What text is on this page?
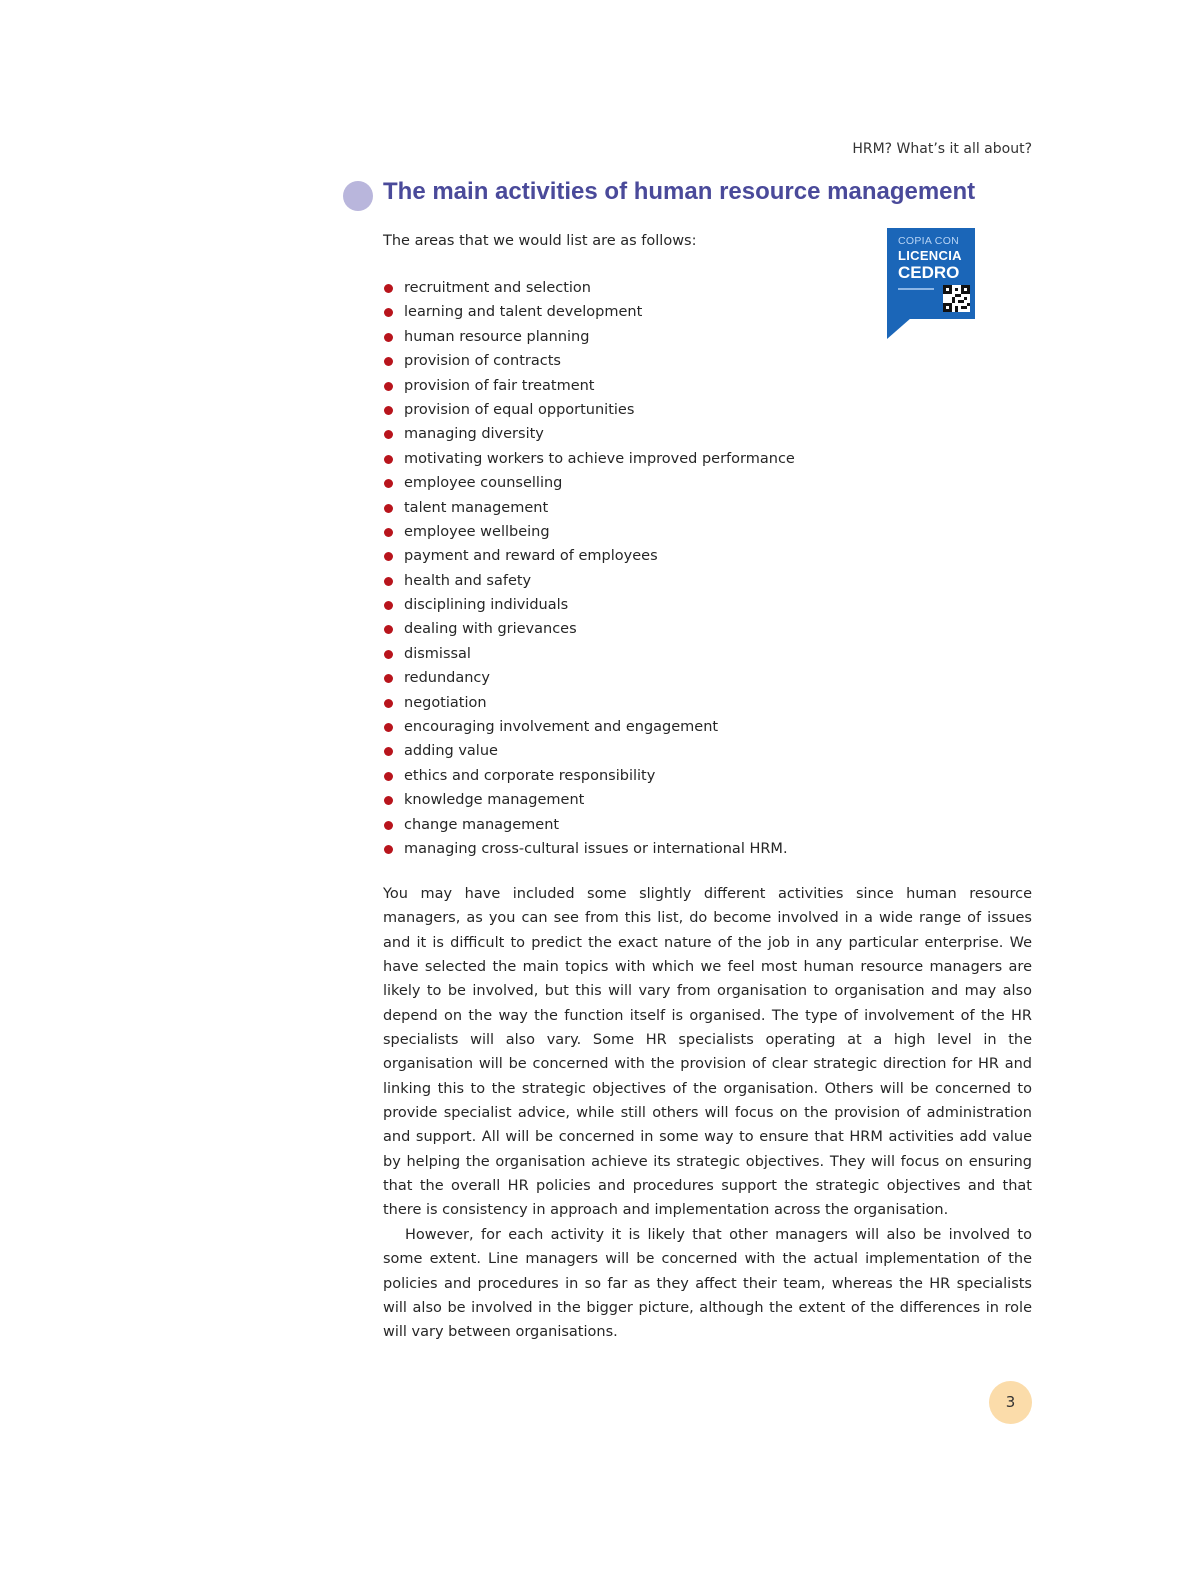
HRM? What’s it all about?
The main activities of human resource management

The areas that we would list are as follows:

recruitment and selection
learning and talent development
human resource planning
provision of contracts
provision of fair treatment
provision of equal opportunities
managing diversity
motivating workers to achieve improved performance
employee counselling
talent management
employee wellbeing
payment and reward of employees
health and safety
disciplining individuals
dealing with grievances
dismissal
redundancy
negotiation
encouraging involvement and engagement
adding value
ethics and corporate responsibility
knowledge management
change management
managing cross-cultural issues or international HRM.

You may have included some slightly different activities since human resource managers, as you can see from this list, do become involved in a wide range of issues and it is difficult to predict the exact nature of the job in any particular enterprise. We have selected the main topics with which we feel most human resource managers are likely to be involved, but this will vary from organisation to organisation and may also depend on the way the function itself is organised. The type of involvement of the HR specialists will also vary. Some HR specialists operating at a high level in the organisation will be concerned with the provision of clear strategic direction for HR and linking this to the strategic objectives of the organisation. Others will be concerned to provide specialist advice, while still others will focus on the provision of administration and support. All will be concerned in some way to ensure that HRM activities add value by helping the organisation achieve its strategic objectives. They will focus on ensuring that the overall HR policies and procedures support the strategic objectives and that there is consistency in approach and implementation across the organisation.

However, for each activity it is likely that other managers will also be involved to some extent. Line managers will be concerned with the actual implementation of the policies and procedures in so far as they affect their team, whereas the HR specialists will also be involved in the bigger picture, although the extent of the differences in role will vary between organisations.

COPIA CON
LICENCIA
CEDRO
3
